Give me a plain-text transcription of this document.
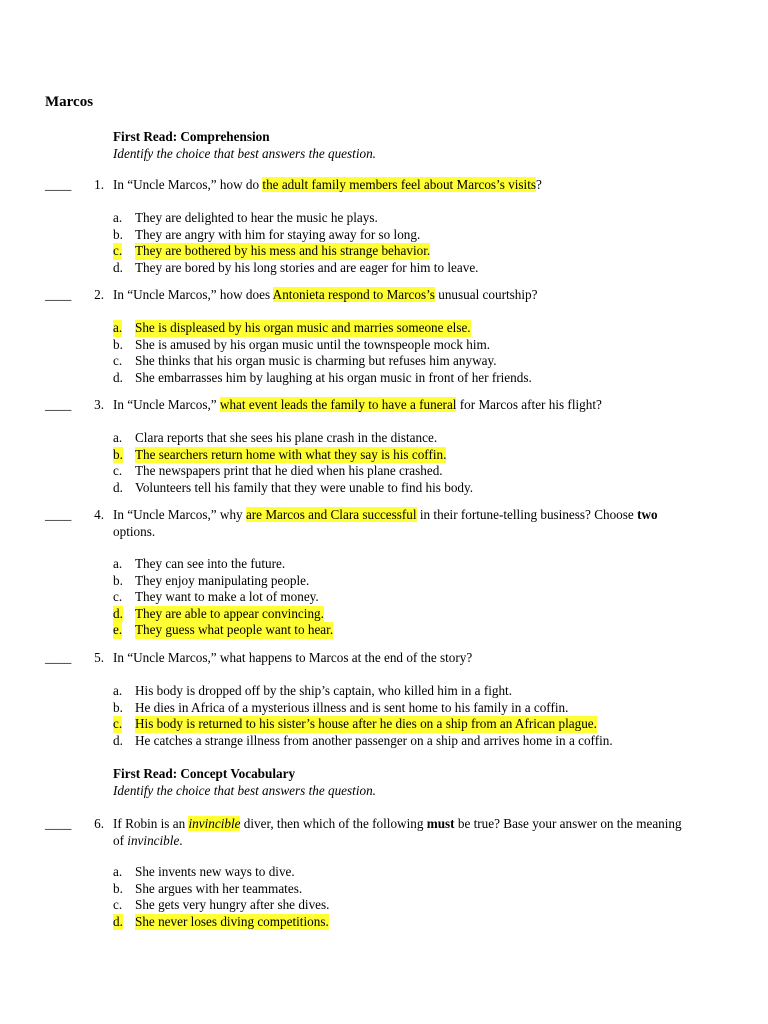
Marcos
First Read: Comprehension
Identify the choice that best answers the question.
____	1. In “Uncle Marcos,” how do the adult family members feel about Marcos’s visits?
a. They are delighted to hear the music he plays.
b. They are angry with him for staying away for so long.
c. They are bothered by his mess and his strange behavior.
d. They are bored by his long stories and are eager for him to leave.
____	2. In “Uncle Marcos,” how does Antonieta respond to Marcos’s unusual courtship?
a. She is displeased by his organ music and marries someone else.
b. She is amused by his organ music until the townspeople mock him.
c. She thinks that his organ music is charming but refuses him anyway.
d. She embarrasses him by laughing at his organ music in front of her friends.
____	3. In “Uncle Marcos,” what event leads the family to have a funeral for Marcos after his flight?
a. Clara reports that she sees his plane crash in the distance.
b. The searchers return home with what they say is his coffin.
c. The newspapers print that he died when his plane crashed.
d. Volunteers tell his family that they were unable to find his body.
____	4. In “Uncle Marcos,” why are Marcos and Clara successful in their fortune-telling business? Choose two
options.
a. They can see into the future.
b. They enjoy manipulating people.
c. They want to make a lot of money.
d. They are able to appear convincing.
e. They guess what people want to hear.
____	5. In “Uncle Marcos,” what happens to Marcos at the end of the story?
a. His body is dropped off by the ship’s captain, who killed him in a fight.
b. He dies in Africa of a mysterious illness and is sent home to his family in a coffin.
c. His body is returned to his sister’s house after he dies on a ship from an African plague.
d. He catches a strange illness from another passenger on a ship and arrives home in a coffin.
First Read: Concept Vocabulary
Identify the choice that best answers the question.
____	6. If Robin is an invincible diver, then which of the following must be true? Base your answer on the meaning
of invincible.
a. She invents new ways to dive.
b. She argues with her teammates.
c. She gets very hungry after she dives.
d. She never loses diving competitions.
